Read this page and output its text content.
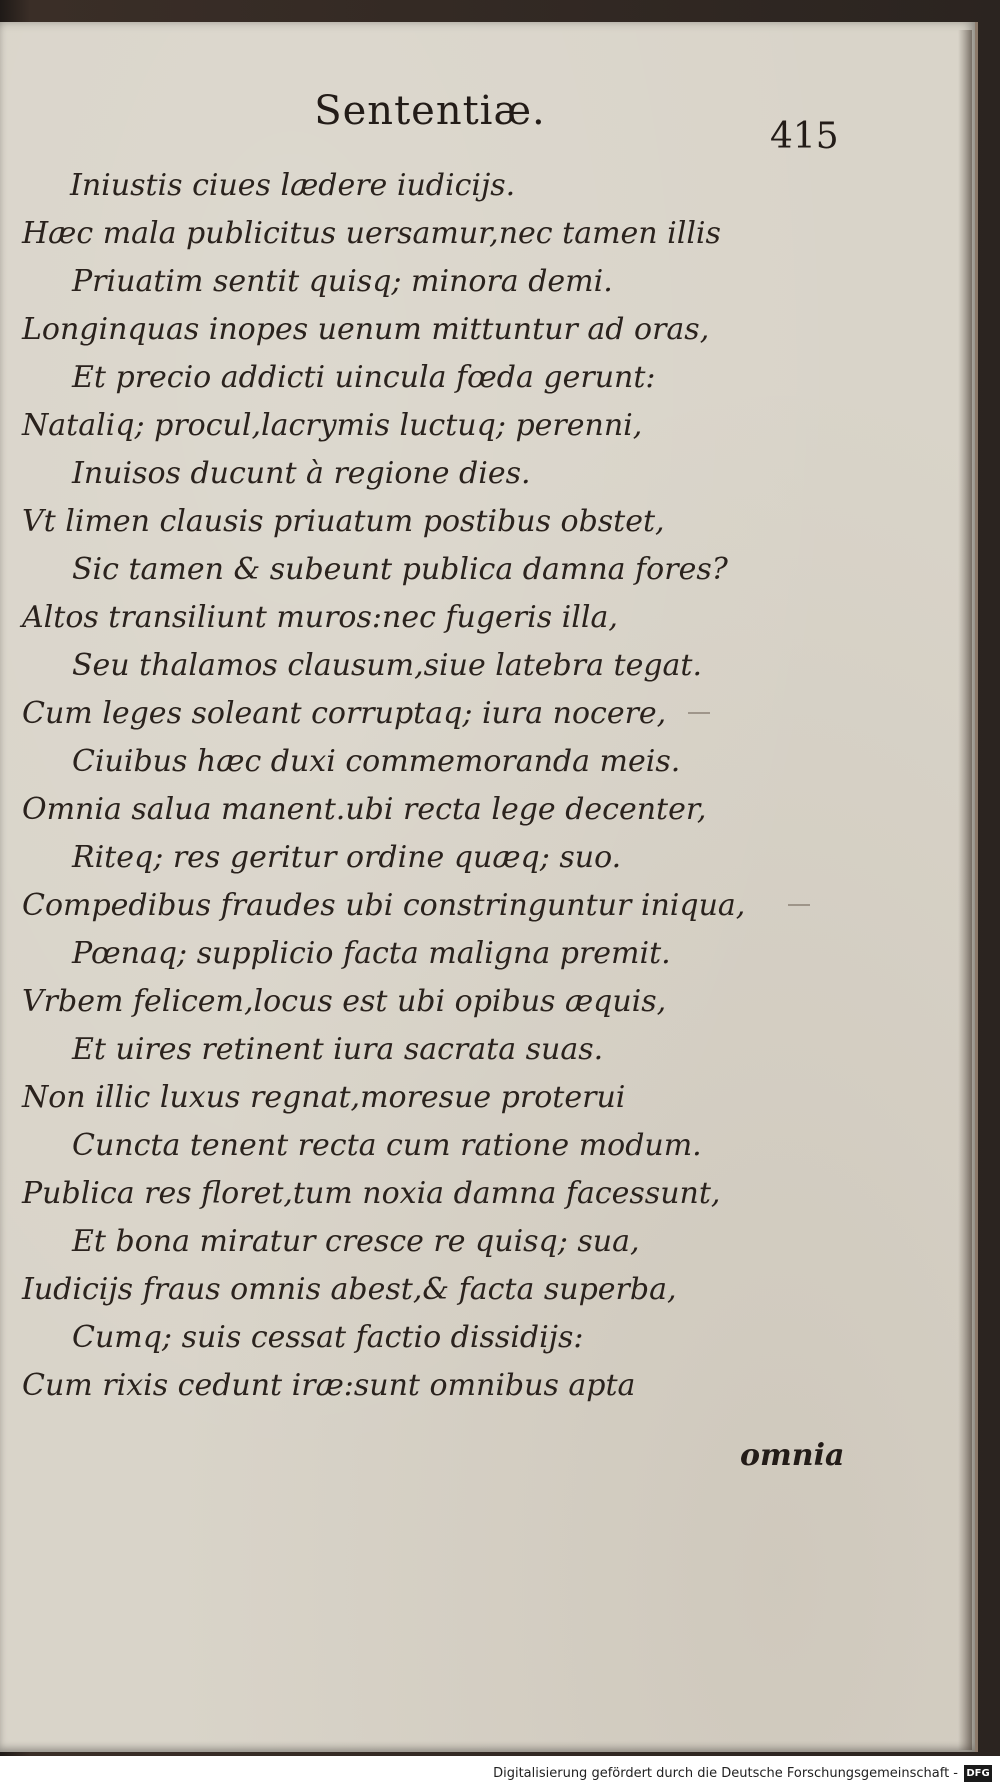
Sententiæ.
415
Iniustis ciues lædere iudicijs.
Hæc mala publicitus uersamur,nec tamen illis
Priuatim sentit quisq; minora demi.
Longinquas inopes uenum mittuntur ad oras,
Et precio addicti uincula fœda gerunt:
Nataliq; procul,lacrymis luctuq; perenni,
Inuisos ducunt à regione dies.
Vt limen clausis priuatum postibus obstet,
Sic tamen & subeunt publica damna fores?
Altos transiliunt muros:nec fugeris illa,
Seu thalamos clausum,siue latebra tegat.
Cum leges soleant corruptaq; iura nocere,
Ciuibus hæc duxi commemoranda meis.
Omnia salua manent.ubi recta lege decenter,
Riteq; res geritur ordine quæq; suo.
Compedibus fraudes ubi constringuntur iniqua,
Pœnaq; supplicio facta maligna premit.
Vrbem felicem,locus est ubi opibus æquis,
Et uires retinent iura sacrata suas.
Non illic luxus regnat,moresue proterui
Cuncta tenent recta cum ratione modum.
Publica res floret,tum noxia damna facessunt,
Et bona miratur cresce re quisq; sua,
Iudicijs fraus omnis abest,& facta superba,
Cumq; suis cessat factio dissidijs:
Cum rixis cedunt iræ:sunt omnibus apta
omnia
Digitalisierung gefördert durch die Deutsche Forschungsgemeinschaft - DFG
